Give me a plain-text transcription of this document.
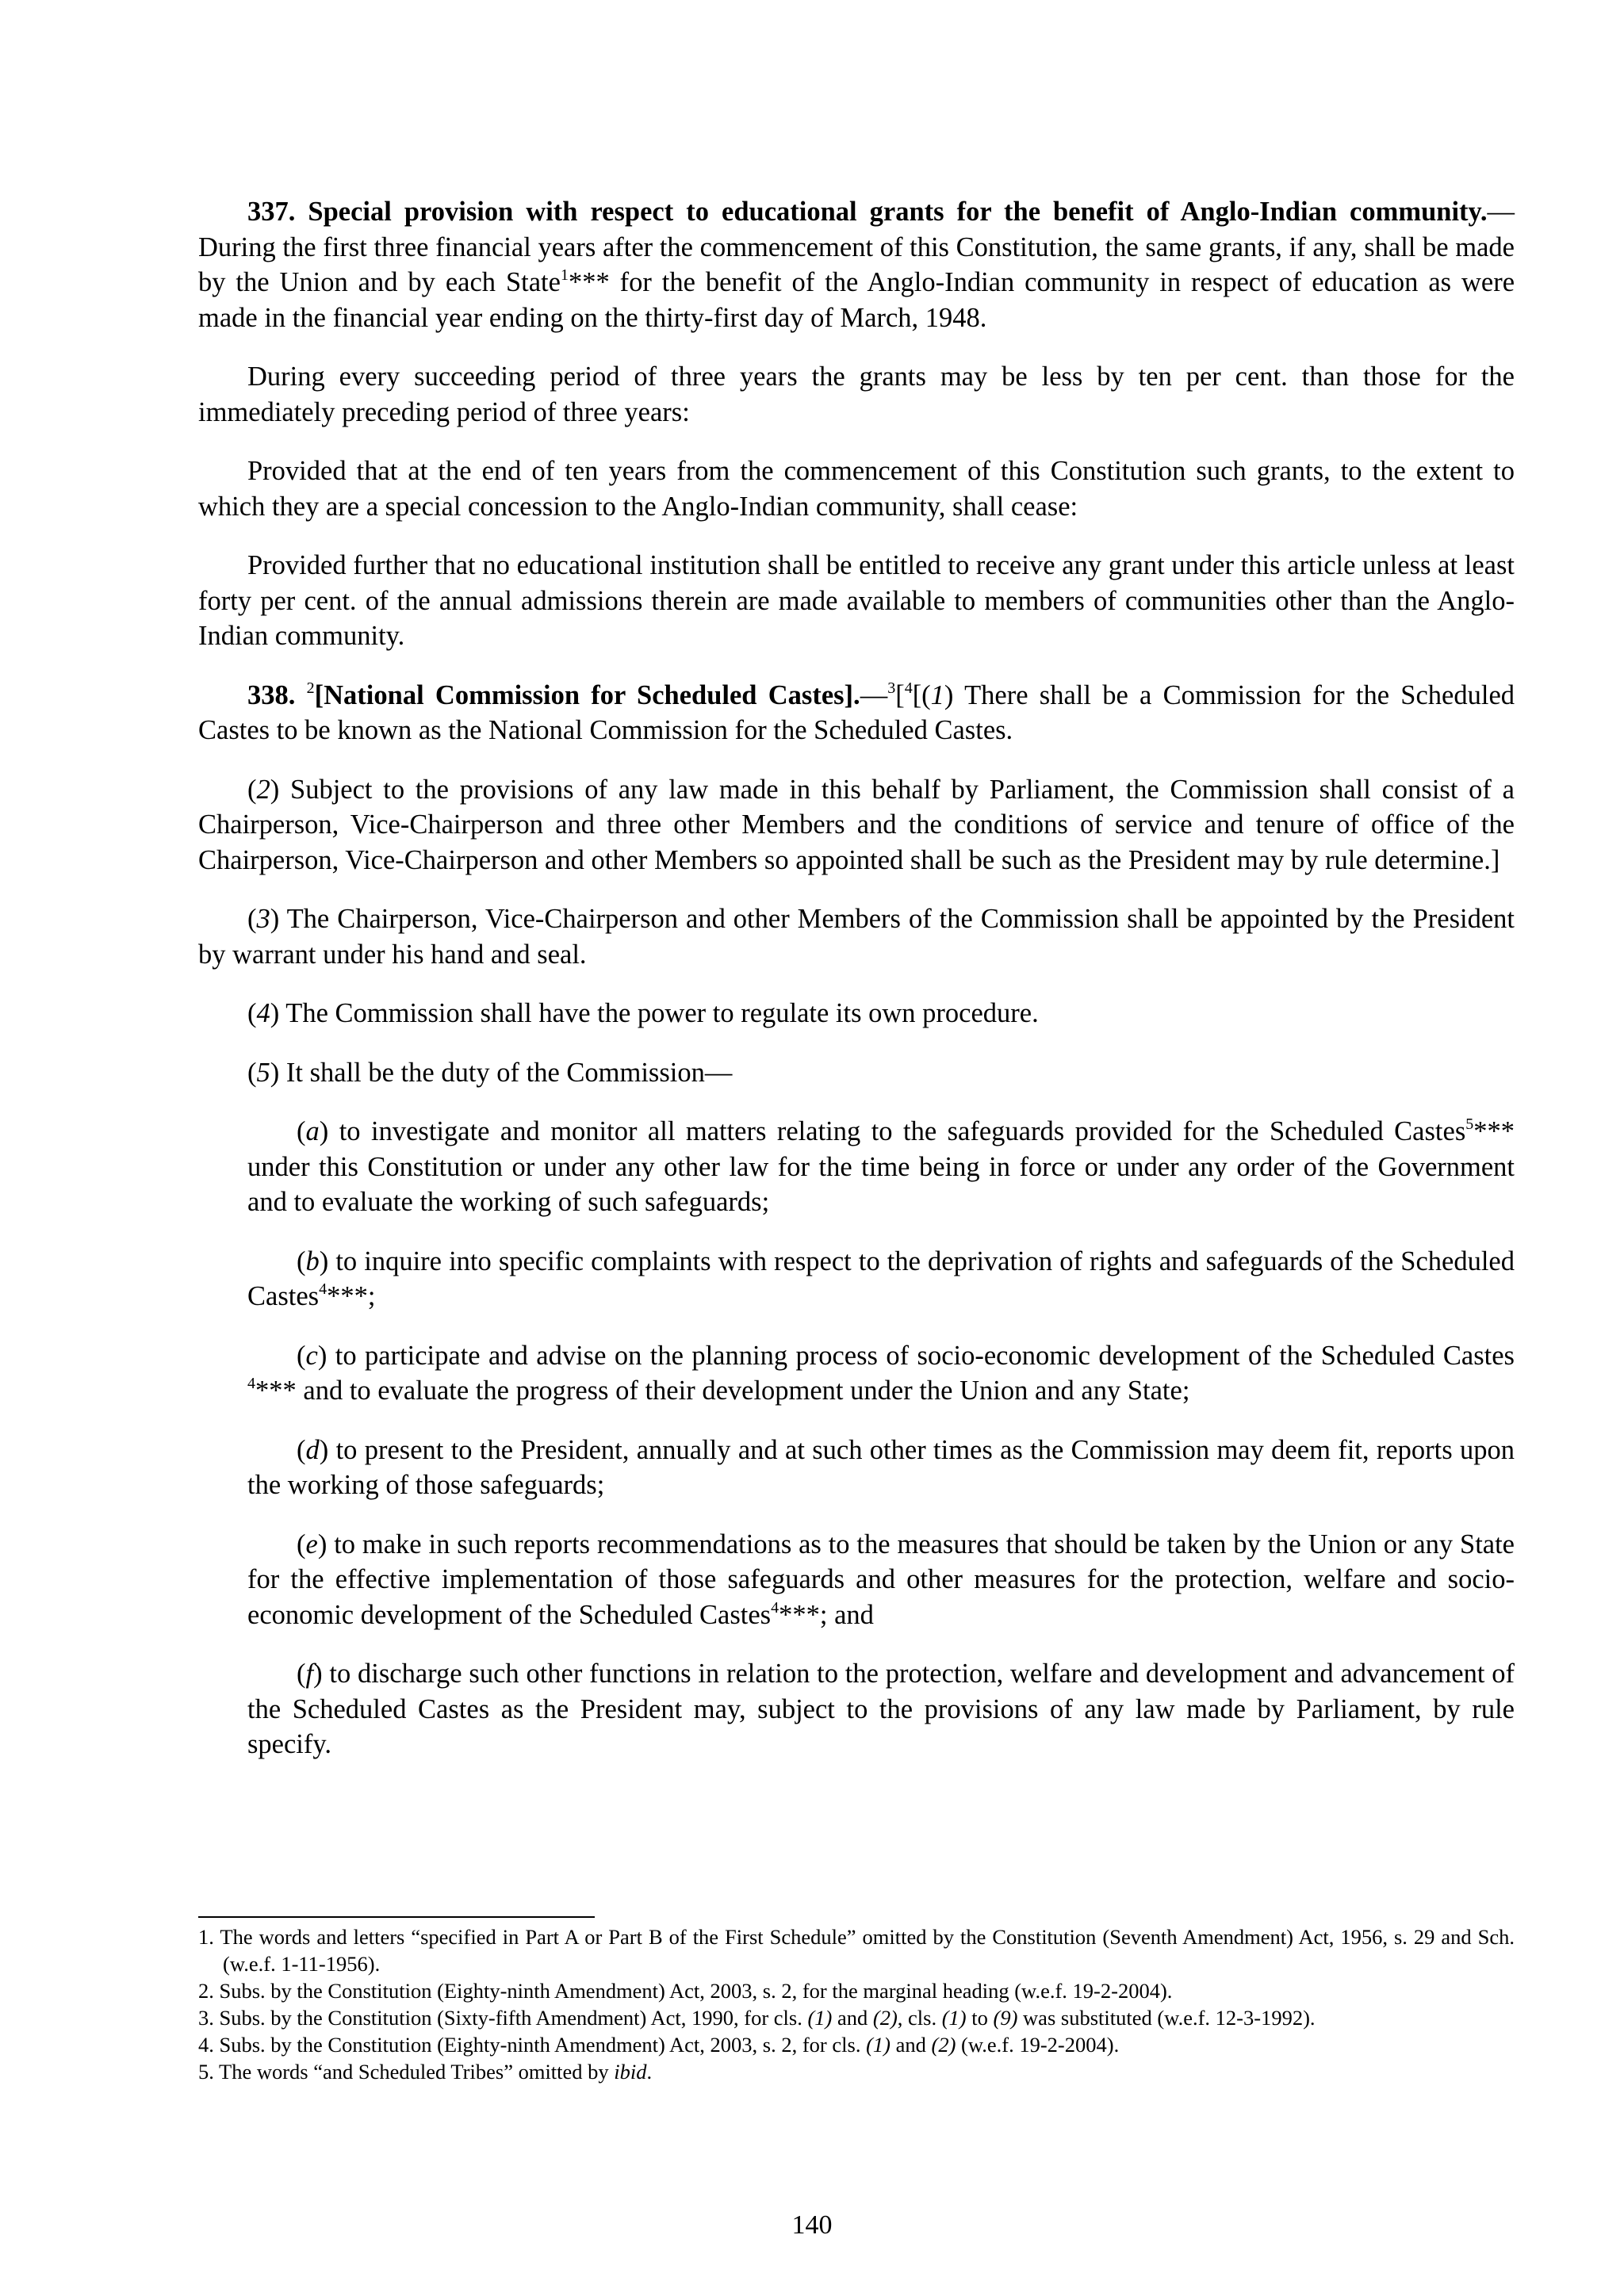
337. Special provision with respect to educational grants for the benefit of Anglo-Indian community.—During the first three financial years after the commencement of this Constitution, the same grants, if any, shall be made by the Union and by each State$^1$*** for the benefit of the Anglo-Indian community in respect of education as were made in the financial year ending on the thirty-first day of March, 1948.

During every succeeding period of three years the grants may be less by ten per cent. than those for the immediately preceding period of three years:

Provided that at the end of ten years from the commencement of this Constitution such grants, to the extent to which they are a special concession to the Anglo-Indian community, shall cease:

Provided further that no educational institution shall be entitled to receive any grant under this article unless at least forty per cent. of the annual admissions therein are made available to members of communities other than the Anglo-Indian community.

338. $^2$[National Commission for Scheduled Castes].—$^3$[$^4$[(1) There shall be a Commission for the Scheduled Castes to be known as the National Commission for the Scheduled Castes.

(2) Subject to the provisions of any law made in this behalf by Parliament, the Commission shall consist of a Chairperson, Vice-Chairperson and three other Members and the conditions of service and tenure of office of the Chairperson, Vice-Chairperson and other Members so appointed shall be such as the President may by rule determine.]

(3) The Chairperson, Vice-Chairperson and other Members of the Commission shall be appointed by the President by warrant under his hand and seal.

(4) The Commission shall have the power to regulate its own procedure.

(5) It shall be the duty of the Commission—

(a) to investigate and monitor all matters relating to the safeguards provided for the Scheduled Castes$^5$*** under this Constitution or under any other law for the time being in force or under any order of the Government and to evaluate the working of such safeguards;

(b) to inquire into specific complaints with respect to the deprivation of rights and safeguards of the Scheduled Castes$^4$***;

(c) to participate and advise on the planning process of socio-economic development of the Scheduled Castes $^4$*** and to evaluate the progress of their development under the Union and any State;

(d) to present to the President, annually and at such other times as the Commission may deem fit, reports upon the working of those safeguards;

(e) to make in such reports recommendations as to the measures that should be taken by the Union or any State for the effective implementation of those safeguards and other measures for the protection, welfare and socio-economic development of the Scheduled Castes$^4$***; and

(f) to discharge such other functions in relation to the protection, welfare and development and advancement of the Scheduled Castes as the President may, subject to the provisions of any law made by Parliament, by rule specify.

1. The words and letters “specified in Part A or Part B of the First Schedule” omitted by the Constitution (Seventh Amendment) Act, 1956, s. 29 and Sch.(w.e.f. 1-11-1956).
2. Subs. by the Constitution (Eighty-ninth Amendment) Act, 2003, s. 2, for the marginal heading (w.e.f. 19-2-2004).
3. Subs. by the Constitution (Sixty-fifth Amendment) Act, 1990, for cls. (1) and (2), cls. (1) to (9) was substituted (w.e.f. 12-3-1992).
4. Subs. by the Constitution (Eighty-ninth Amendment) Act, 2003, s. 2, for cls. (1) and (2) (w.e.f. 19-2-2004).
5. The words “and Scheduled Tribes” omitted by ibid.
140
